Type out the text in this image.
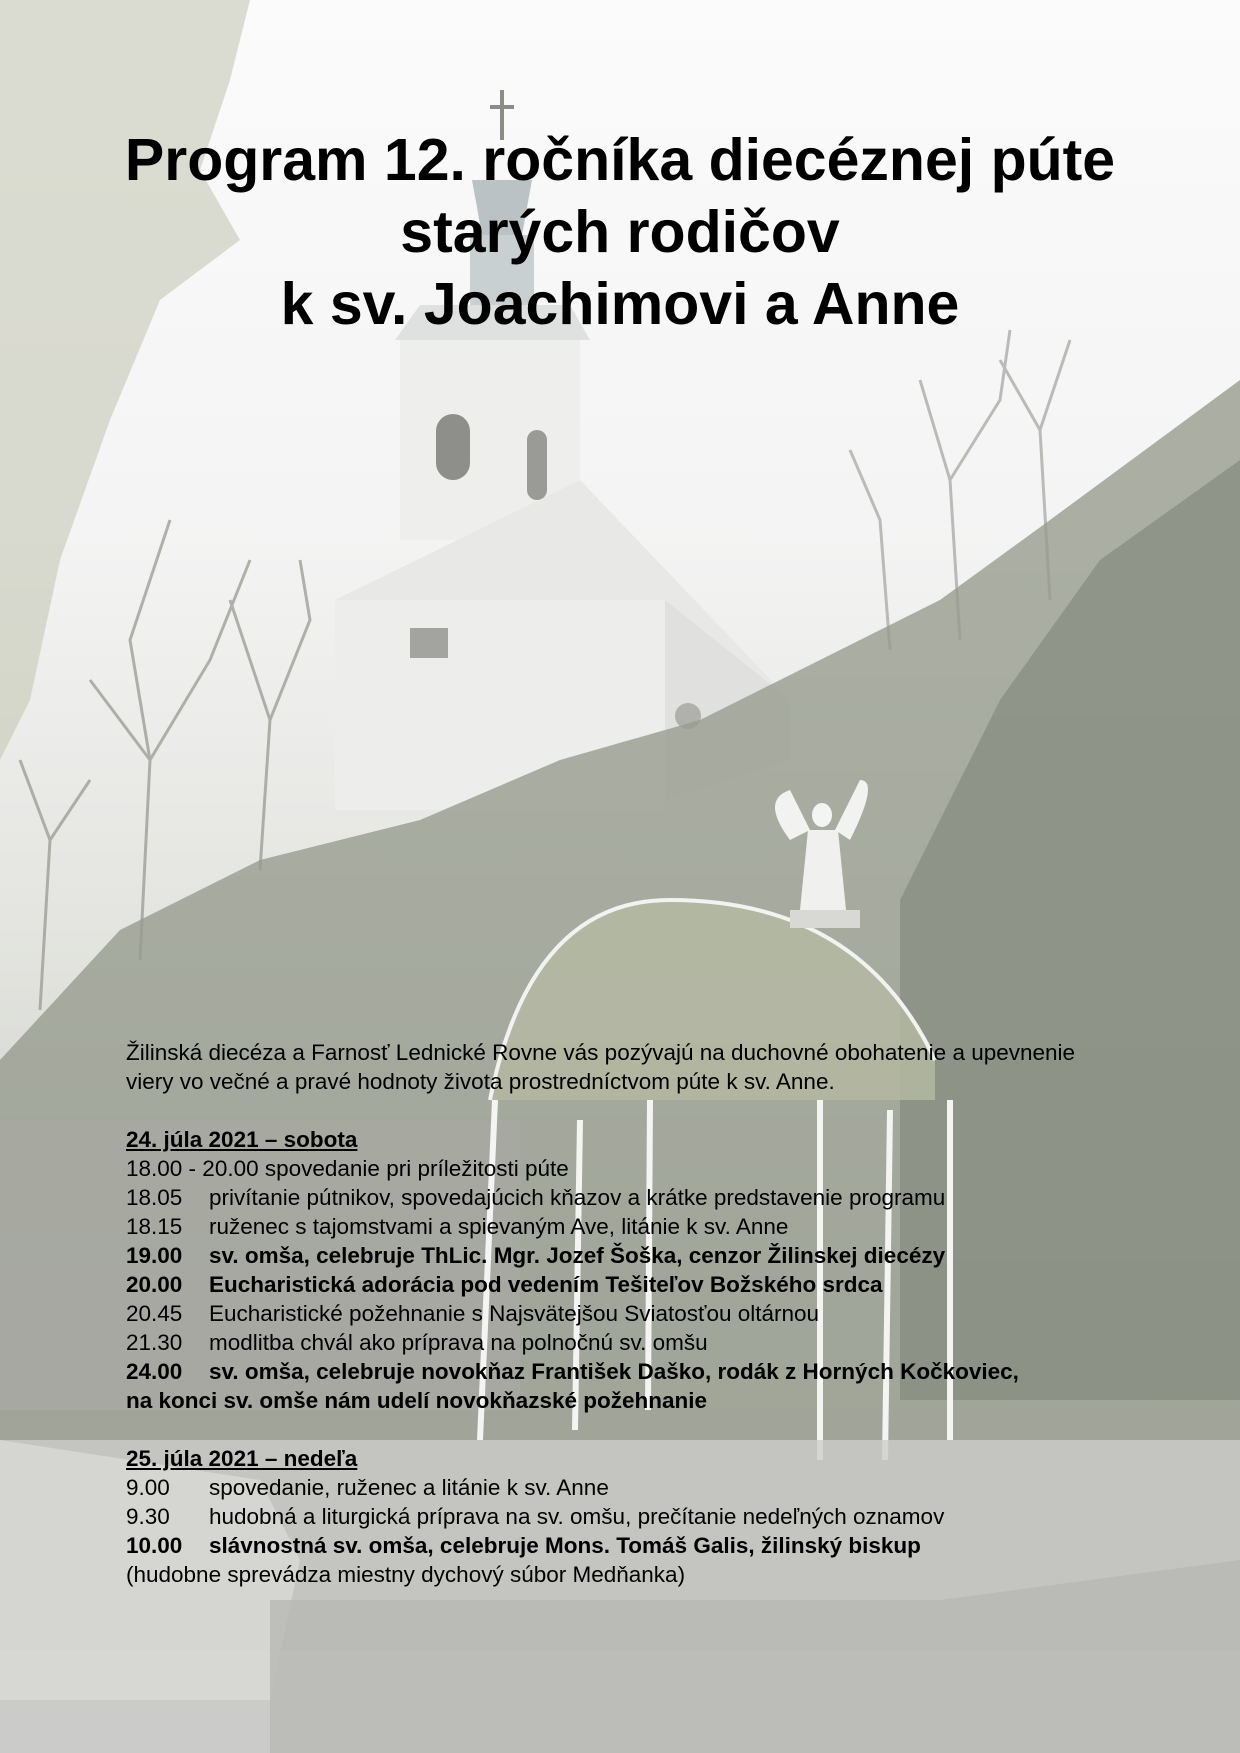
Program 12. ročníka diecéznej púte
starých rodičov
k sv. Joachimovi a Anne
Žilinská diecéza a Farnosť Lednické Rovne vás pozývajú na duchovné obohatenie a upevnenie
viery vo večné a pravé hodnoty života prostredníctvom púte k sv. Anne.
24. júla 2021 – sobota
18.00 - 20.00 spovedanie pri príležitosti púte
18.05 privítanie pútnikov, spovedajúcich kňazov a krátke predstavenie programu
18.15 ruženec s tajomstvami a spievaným Ave, litánie k sv. Anne
19.00 sv. omša, celebruje ThLic. Mgr. Jozef Šoška, cenzor Žilinskej diecézy
20.00 Eucharistická adorácia pod vedením Tešiteľov Božského srdca
20.45 Eucharistické požehnanie s Najsvätejšou Sviatosťou oltárnou
21.30 modlitba chvál ako príprava na polnočnú sv. omšu
24.00 sv. omša, celebruje novokňaz František Daško, rodák z Horných Kočkoviec,
na konci sv. omše nám udelí novokňazské požehnanie
25. júla 2021 – nedeľa
9.00 spovedanie, ruženec a litánie k sv. Anne
9.30 hudobná a liturgická príprava na sv. omšu, prečítanie nedeľných oznamov
10.00 slávnostná sv. omša, celebruje Mons. Tomáš Galis, žilinský biskup
(hudobne sprevádza miestny dychový súbor Medňanka)
